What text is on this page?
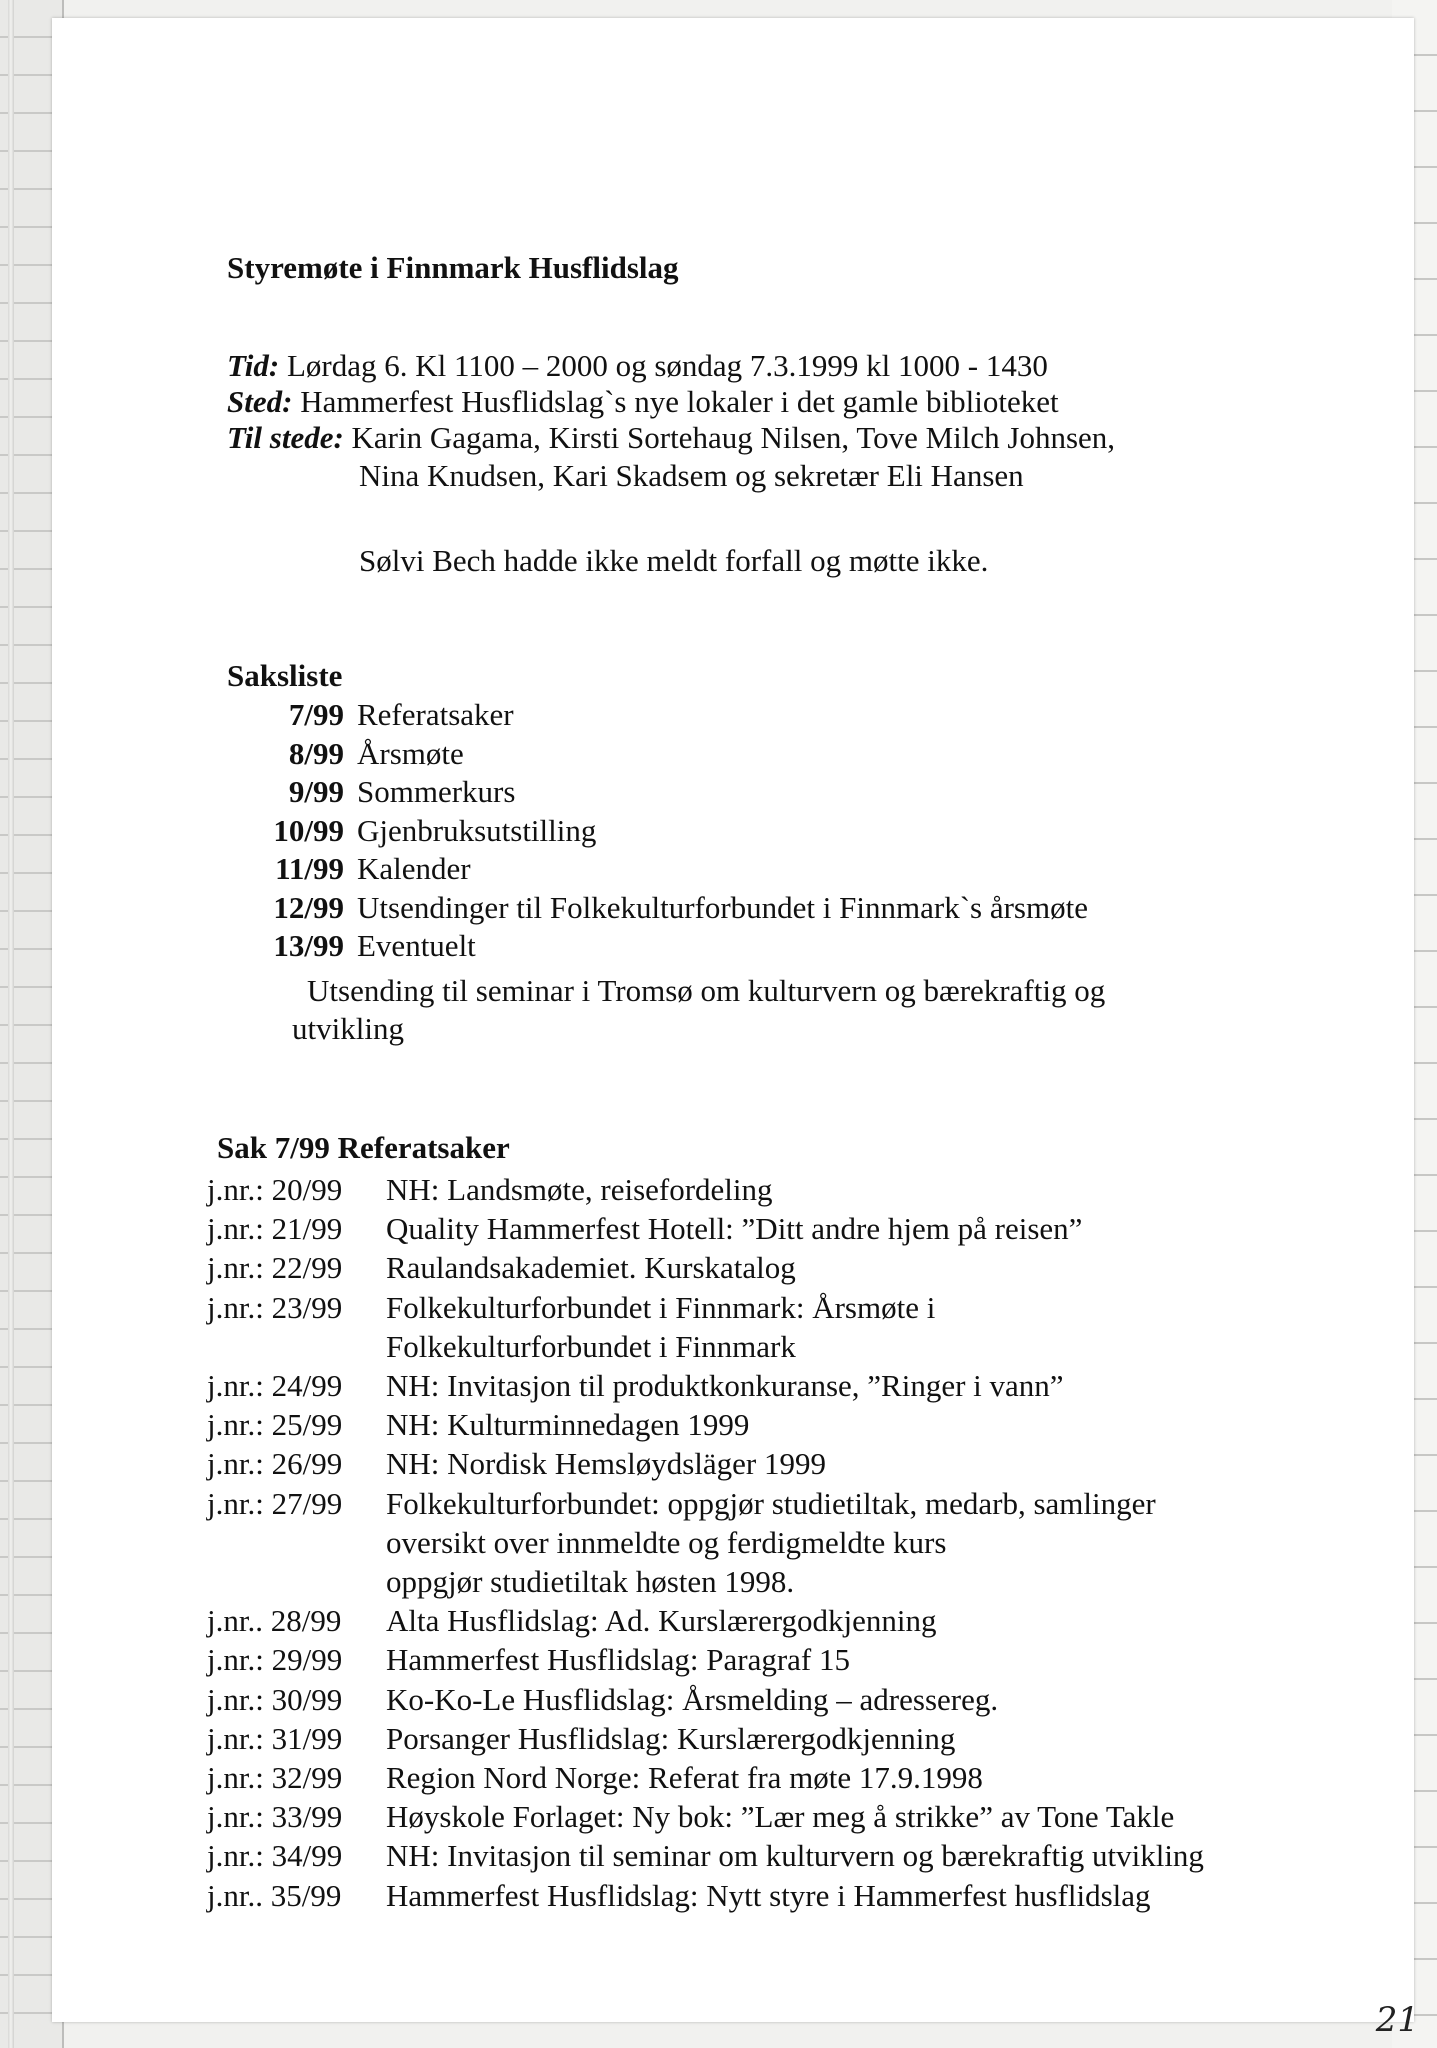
Styremøte i Finnmark Husflidslag
Tid: Lørdag 6. Kl 1100 – 2000 og søndag 7.3.1999 kl 1000 - 1430
Sted: Hammerfest Husflidslag`s nye lokaler i det gamle biblioteket
Til stede: Karin Gagama, Kirsti Sortehaug Nilsen, Tove Milch Johnsen,
Nina Knudsen, Kari Skadsem og sekretær Eli Hansen
Sølvi Bech hadde ikke meldt forfall og møtte ikke.
Saksliste
7/99 Referatsaker
8/99 Årsmøte
9/99 Sommerkurs
10/99 Gjenbruksutstilling
11/99 Kalender
12/99 Utsendinger til Folkekulturforbundet i Finnmark`s årsmøte
13/99 Eventuelt
Utsending til seminar i Tromsø om kulturvern og bærekraftig og
utvikling
Sak 7/99 Referatsaker
j.nr.: 20/99 NH: Landsmøte, reisefordeling
j.nr.: 21/99 Quality Hammerfest Hotell: ”Ditt andre hjem på reisen”
j.nr.: 22/99 Raulandsakademiet. Kurskatalog
j.nr.: 23/99 Folkekulturforbundet i Finnmark: Årsmøte i
Folkekulturforbundet i Finnmark
j.nr.: 24/99 NH: Invitasjon til produktkonkuranse, ”Ringer i vann”
j.nr.: 25/99 NH: Kulturminnedagen 1999
j.nr.: 26/99 NH: Nordisk Hemsløydsläger 1999
j.nr.: 27/99 Folkekulturforbundet: oppgjør studietiltak, medarb, samlinger
oversikt over innmeldte og ferdigmeldte kurs
oppgjør studietiltak høsten 1998.
j.nr.. 28/99 Alta Husflidslag: Ad. Kurslærergodkjenning
j.nr.: 29/99 Hammerfest Husflidslag: Paragraf 15
j.nr.: 30/99 Ko-Ko-Le Husflidslag: Årsmelding – adressereg.
j.nr.: 31/99 Porsanger Husflidslag: Kurslærergodkjenning
j.nr.: 32/99 Region Nord Norge: Referat fra møte 17.9.1998
j.nr.: 33/99 Høyskole Forlaget: Ny bok: ”Lær meg å strikke” av Tone Takle
j.nr.: 34/99 NH: Invitasjon til seminar om kulturvern og bærekraftig utvikling
j.nr.. 35/99 Hammerfest Husflidslag: Nytt styre i Hammerfest husflidslag
21
